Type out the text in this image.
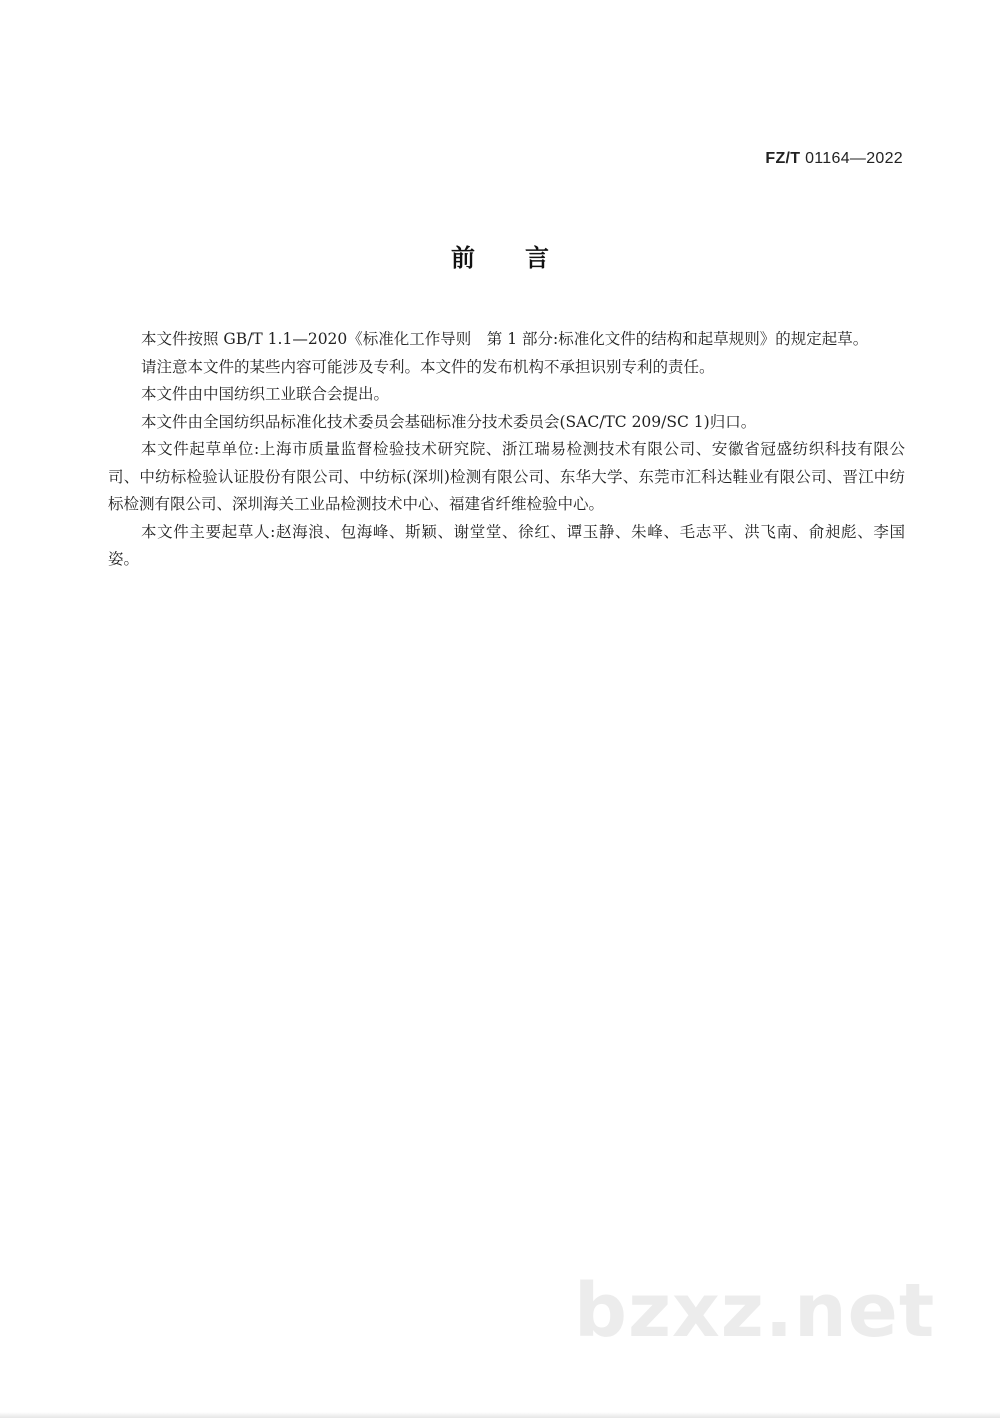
FZ/T 01164—2022
前言

本文件按照 GB/T 1.1—2020《标准化工作导则　第 1 部分:标准化文件的结构和起草规则》的规定起草。

请注意本文件的某些内容可能涉及专利。本文件的发布机构不承担识别专利的责任。

本文件由中国纺织工业联合会提出。

本文件由全国纺织品标准化技术委员会基础标准分技术委员会(SAC/TC 209/SC 1)归口。

本文件起草单位:上海市质量监督检验技术研究院、浙江瑞易检测技术有限公司、安徽省冠盛纺织科技有限公司、中纺标检验认证股份有限公司、中纺标(深圳)检测有限公司、东华大学、东莞市汇科达鞋业有限公司、晋江中纺标检测有限公司、深圳海关工业品检测技术中心、福建省纤维检验中心。

本文件主要起草人:赵海浪、包海峰、斯颖、谢堂堂、徐红、谭玉静、朱峰、毛志平、洪飞南、俞昶彪、李国姿。

bzxz.net
